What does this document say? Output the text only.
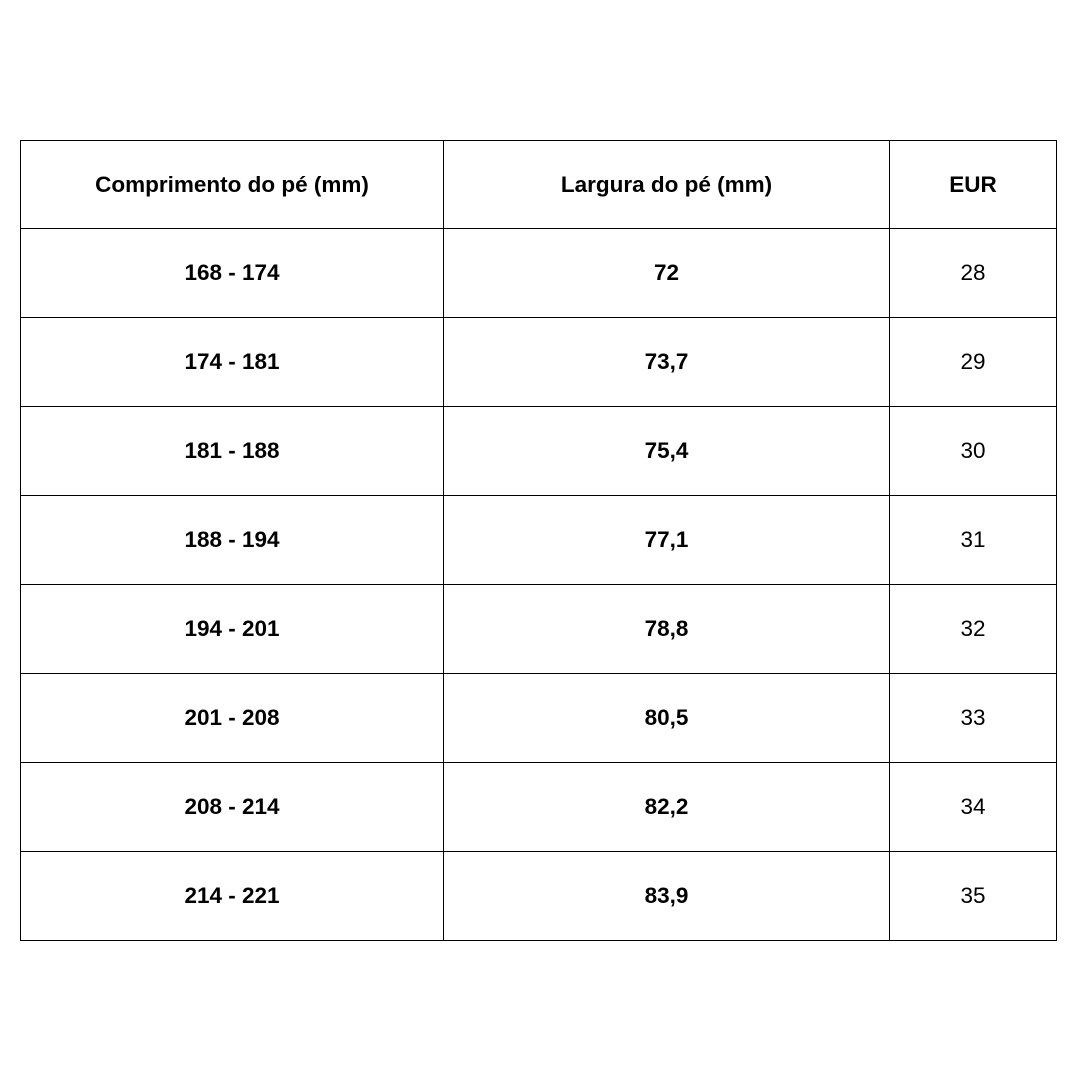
Comprimento do pé (mm)	Largura do pé (mm)	EUR
168 - 174	72	28
174 - 181	73,7	29
181 - 188	75,4	30
188 - 194	77,1	31
194 - 201	78,8	32
201 - 208	80,5	33
208 - 214	82,2	34
214 - 221	83,9	35
